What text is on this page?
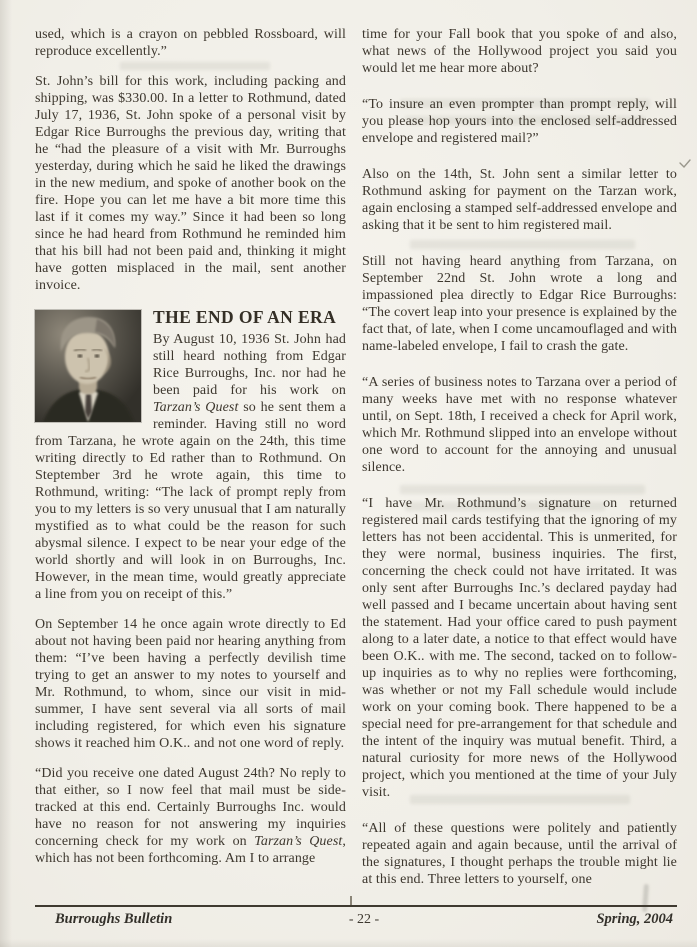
used, which is a crayon on pebbled Rossboard, will reproduce excellently.”

St. John’s bill for this work, including packing and shipping, was $330.00. In a letter to Rothmund, dated July 17, 1936, St. John spoke of a personal visit by Edgar Rice Burroughs the previous day, writing that he “had the pleasure of a visit with Mr. Burroughs yesterday, during which he said he liked the drawings in the new medium, and spoke of another book on the fire. Hope you can let me have a bit more time this last if it comes my way.” Since it had been so long since he had heard from Rothmund he reminded him that his bill had not been paid and, thinking it might have gotten misplaced in the mail, sent another invoice.

THE END OF AN ERA

By August 10, 1936 St. John had still heard nothing from Edgar Rice Burroughs, Inc. nor had he been paid for his work on Tarzan’s Quest so he sent them a reminder. Having still no word from Tarzana, he wrote again on the 24th, this time writing directly to Ed rather than to Rothmund. On Steptember 3rd he wrote again, this time to Rothmund, writing: “The lack of prompt reply from you to my letters is so very unusual that I am naturally mystified as to what could be the reason for such abysmal silence. I expect to be near your edge of the world shortly and will look in on Burroughs, Inc. However, in the mean time, would greatly appreciate a line from you on receipt of this.”

On September 14 he once again wrote directly to Ed about not having been paid nor hearing anything from them: “I’ve been having a perfectly devilish time trying to get an answer to my notes to yourself and Mr. Rothmund, to whom, since our visit in mid-summer, I have sent several via all sorts of mail including registered, for which even his signature shows it reached him O.K.. and not one word of reply.

“Did you receive one dated August 24th? No reply to that either, so I now feel that mail must be side-tracked at this end. Certainly Burroughs Inc. would have no reason for not answering my inquiries concerning check for my work on Tarzan’s Quest, which has not been forthcoming. Am I to arrange

time for your Fall book that you spoke of and also, what news of the Hollywood project you said you would let me hear more about?

“To insure an even prompter than prompt reply, will you please hop yours into the enclosed self-addressed envelope and registered mail?”

Also on the 14th, St. John sent a similar letter to Rothmund asking for payment on the Tarzan work, again enclosing a stamped self-addressed envelope and asking that it be sent to him registered mail.

Still not having heard anything from Tarzana, on September 22nd St. John wrote a long and impassioned plea directly to Edgar Rice Burroughs: “The covert leap into your presence is explained by the fact that, of late, when I come uncamouflaged and with name-labeled envelope, I fail to crash the gate.

“A series of business notes to Tarzana over a period of many weeks have met with no response whatever until, on Sept. 18th, I received a check for April work, which Mr. Rothmund slipped into an envelope without one word to account for the annoying and unusual silence.

“I have Mr. Rothmund’s signature on returned registered mail cards testifying that the ignoring of my letters has not been accidental. This is unmerited, for they were normal, business inquiries. The first, concerning the check could not have irritated. It was only sent after Burroughs Inc.’s declared payday had well passed and I became uncertain about having sent the statement. Had your office cared to push payment along to a later date, a notice to that effect would have been O.K.. with me. The second, tacked on to follow-up inquiries as to why no replies were forthcoming, was whether or not my Fall schedule would include work on your coming book. There happened to be a special need for pre-arrangement for that schedule and the intent of the inquiry was mutual benefit. Third, a natural curiosity for more news of the Hollywood project, which you mentioned at the time of your July visit.

“All of these questions were politely and patiently repeated again and again because, until the arrival of the signatures, I thought perhaps the trouble might lie at this end. Three letters to yourself, one

Burroughs Bulletin	- 22 -	Spring, 2004
